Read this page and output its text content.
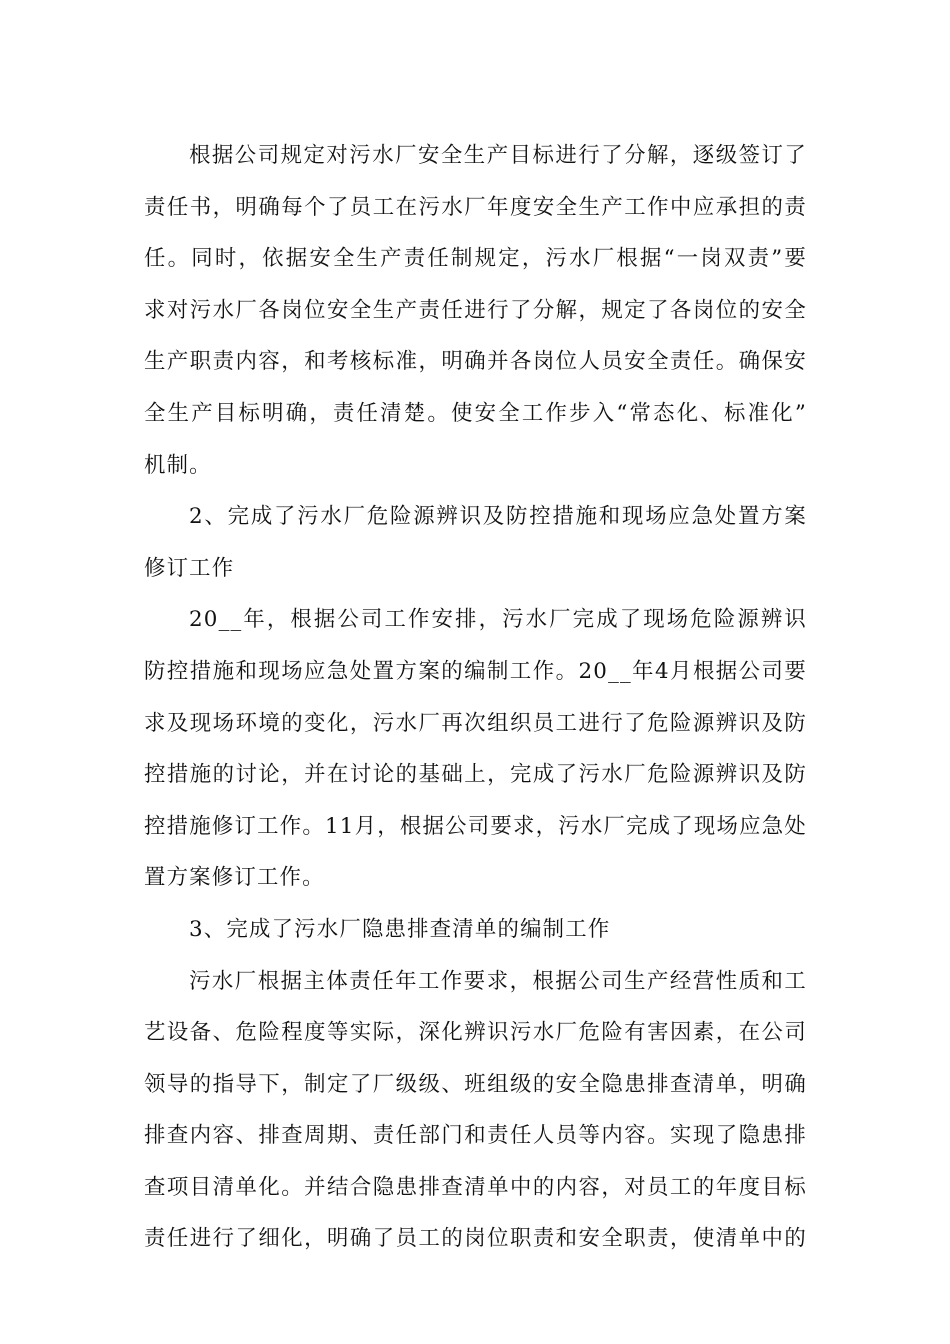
根据公司规定对污水厂安全生产目标进行了分解，逐级签订了
责任书，明确每个了员工在污水厂年度安全生产工作中应承担的责
任。同时，依据安全生产责任制规定，污水厂根据“一岗双责”要
求对污水厂各岗位安全生产责任进行了分解，规定了各岗位的安全
生产职责内容，和考核标准，明确并各岗位人员安全责任。确保安
全生产目标明确，责任清楚。使安全工作步入“常态化、标准化”
机制。
2、完成了污水厂危险源辨识及防控措施和现场应急处置方案
修订工作
20__年，根据公司工作安排，污水厂完成了现场危险源辨识
防控措施和现场应急处置方案的编制工作。20__年4月根据公司要
求及现场环境的变化，污水厂再次组织员工进行了危险源辨识及防
控措施的讨论，并在讨论的基础上，完成了污水厂危险源辨识及防
控措施修订工作。11月，根据公司要求，污水厂完成了现场应急处
置方案修订工作。
3、完成了污水厂隐患排查清单的编制工作
污水厂根据主体责任年工作要求，根据公司生产经营性质和工
艺设备、危险程度等实际，深化辨识污水厂危险有害因素，在公司
领导的指导下，制定了厂级级、班组级的安全隐患排查清单，明确
排查内容、排查周期、责任部门和责任人员等内容。实现了隐患排
查项目清单化。并结合隐患排查清单中的内容，对员工的年度目标
责任进行了细化，明确了员工的岗位职责和安全职责，使清单中的
